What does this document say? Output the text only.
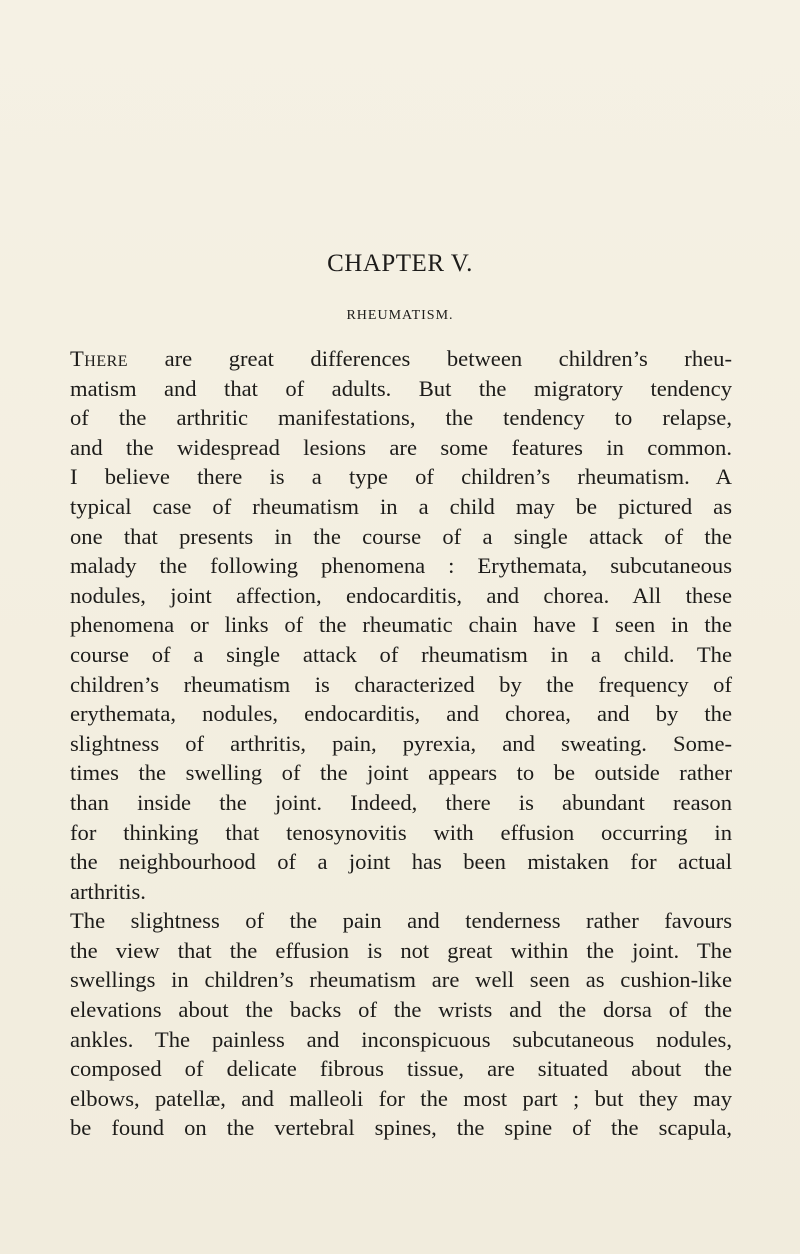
CHAPTER V.
RHEUMATISM.
There are great differences between children’s rheu-
matism and that of adults. But the migratory tendency
of the arthritic manifestations, the tendency to relapse,
and the widespread lesions are some features in common.
I believe there is a type of children’s rheumatism. A
typical case of rheumatism in a child may be pictured as
one that presents in the course of a single attack of the
malady the following phenomena : Erythemata, subcutaneous
nodules, joint affection, endocarditis, and chorea. All these
phenomena or links of the rheumatic chain have I seen in the
course of a single attack of rheumatism in a child. The
children’s rheumatism is characterized by the frequency of
erythemata, nodules, endocarditis, and chorea, and by the
slightness of arthritis, pain, pyrexia, and sweating. Some-
times the swelling of the joint appears to be outside rather
than inside the joint. Indeed, there is abundant reason
for thinking that tenosynovitis with effusion occurring in
the neighbourhood of a joint has been mistaken for actual
arthritis.
The slightness of the pain and tenderness rather favours
the view that the effusion is not great within the joint. The
swellings in children’s rheumatism are well seen as cushion-like
elevations about the backs of the wrists and the dorsa of the
ankles. The painless and inconspicuous subcutaneous nodules,
composed of delicate fibrous tissue, are situated about the
elbows, patellæ, and malleoli for the most part ; but they may
be found on the vertebral spines, the spine of the scapula,
